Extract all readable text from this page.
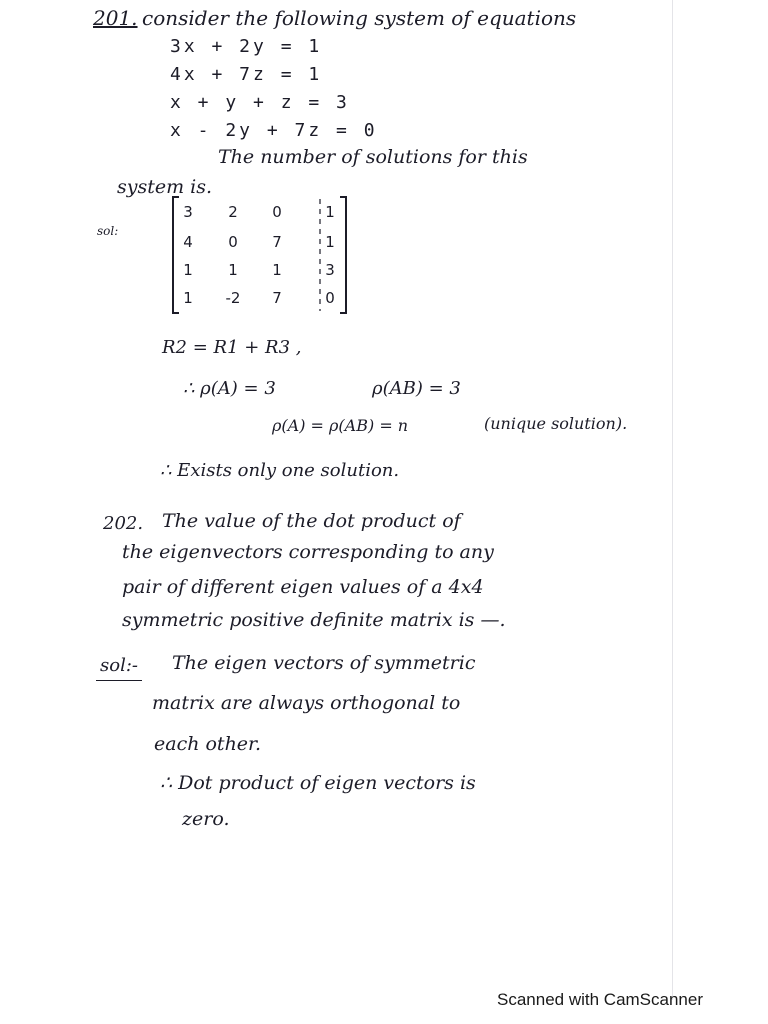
201. consider the following system of equations
3x + 2y = 1
4x + 7z = 1
x + y + z = 3
x - 2y + 7z = 0
The number of solutions for this
system is.
sol:
3	2	0	1
4	0	7	1
1	1	1	3
1	-2	7	0
R2 = R1 + R3 ,
∴ ρ(A) = 3	ρ(AB) = 3
ρ(A) = ρ(AB) = n	(unique solution).
∴ Exists only one solution.
202. The value of the dot product of
the eigenvectors corresponding to any
pair of different eigen values of a 4x4
symmetric positive definite matrix is —.
sol:- The eigen vectors of symmetric
matrix are always orthogonal to
each other.
∴ Dot product of eigen vectors is
zero.
Scanned with CamScanner
